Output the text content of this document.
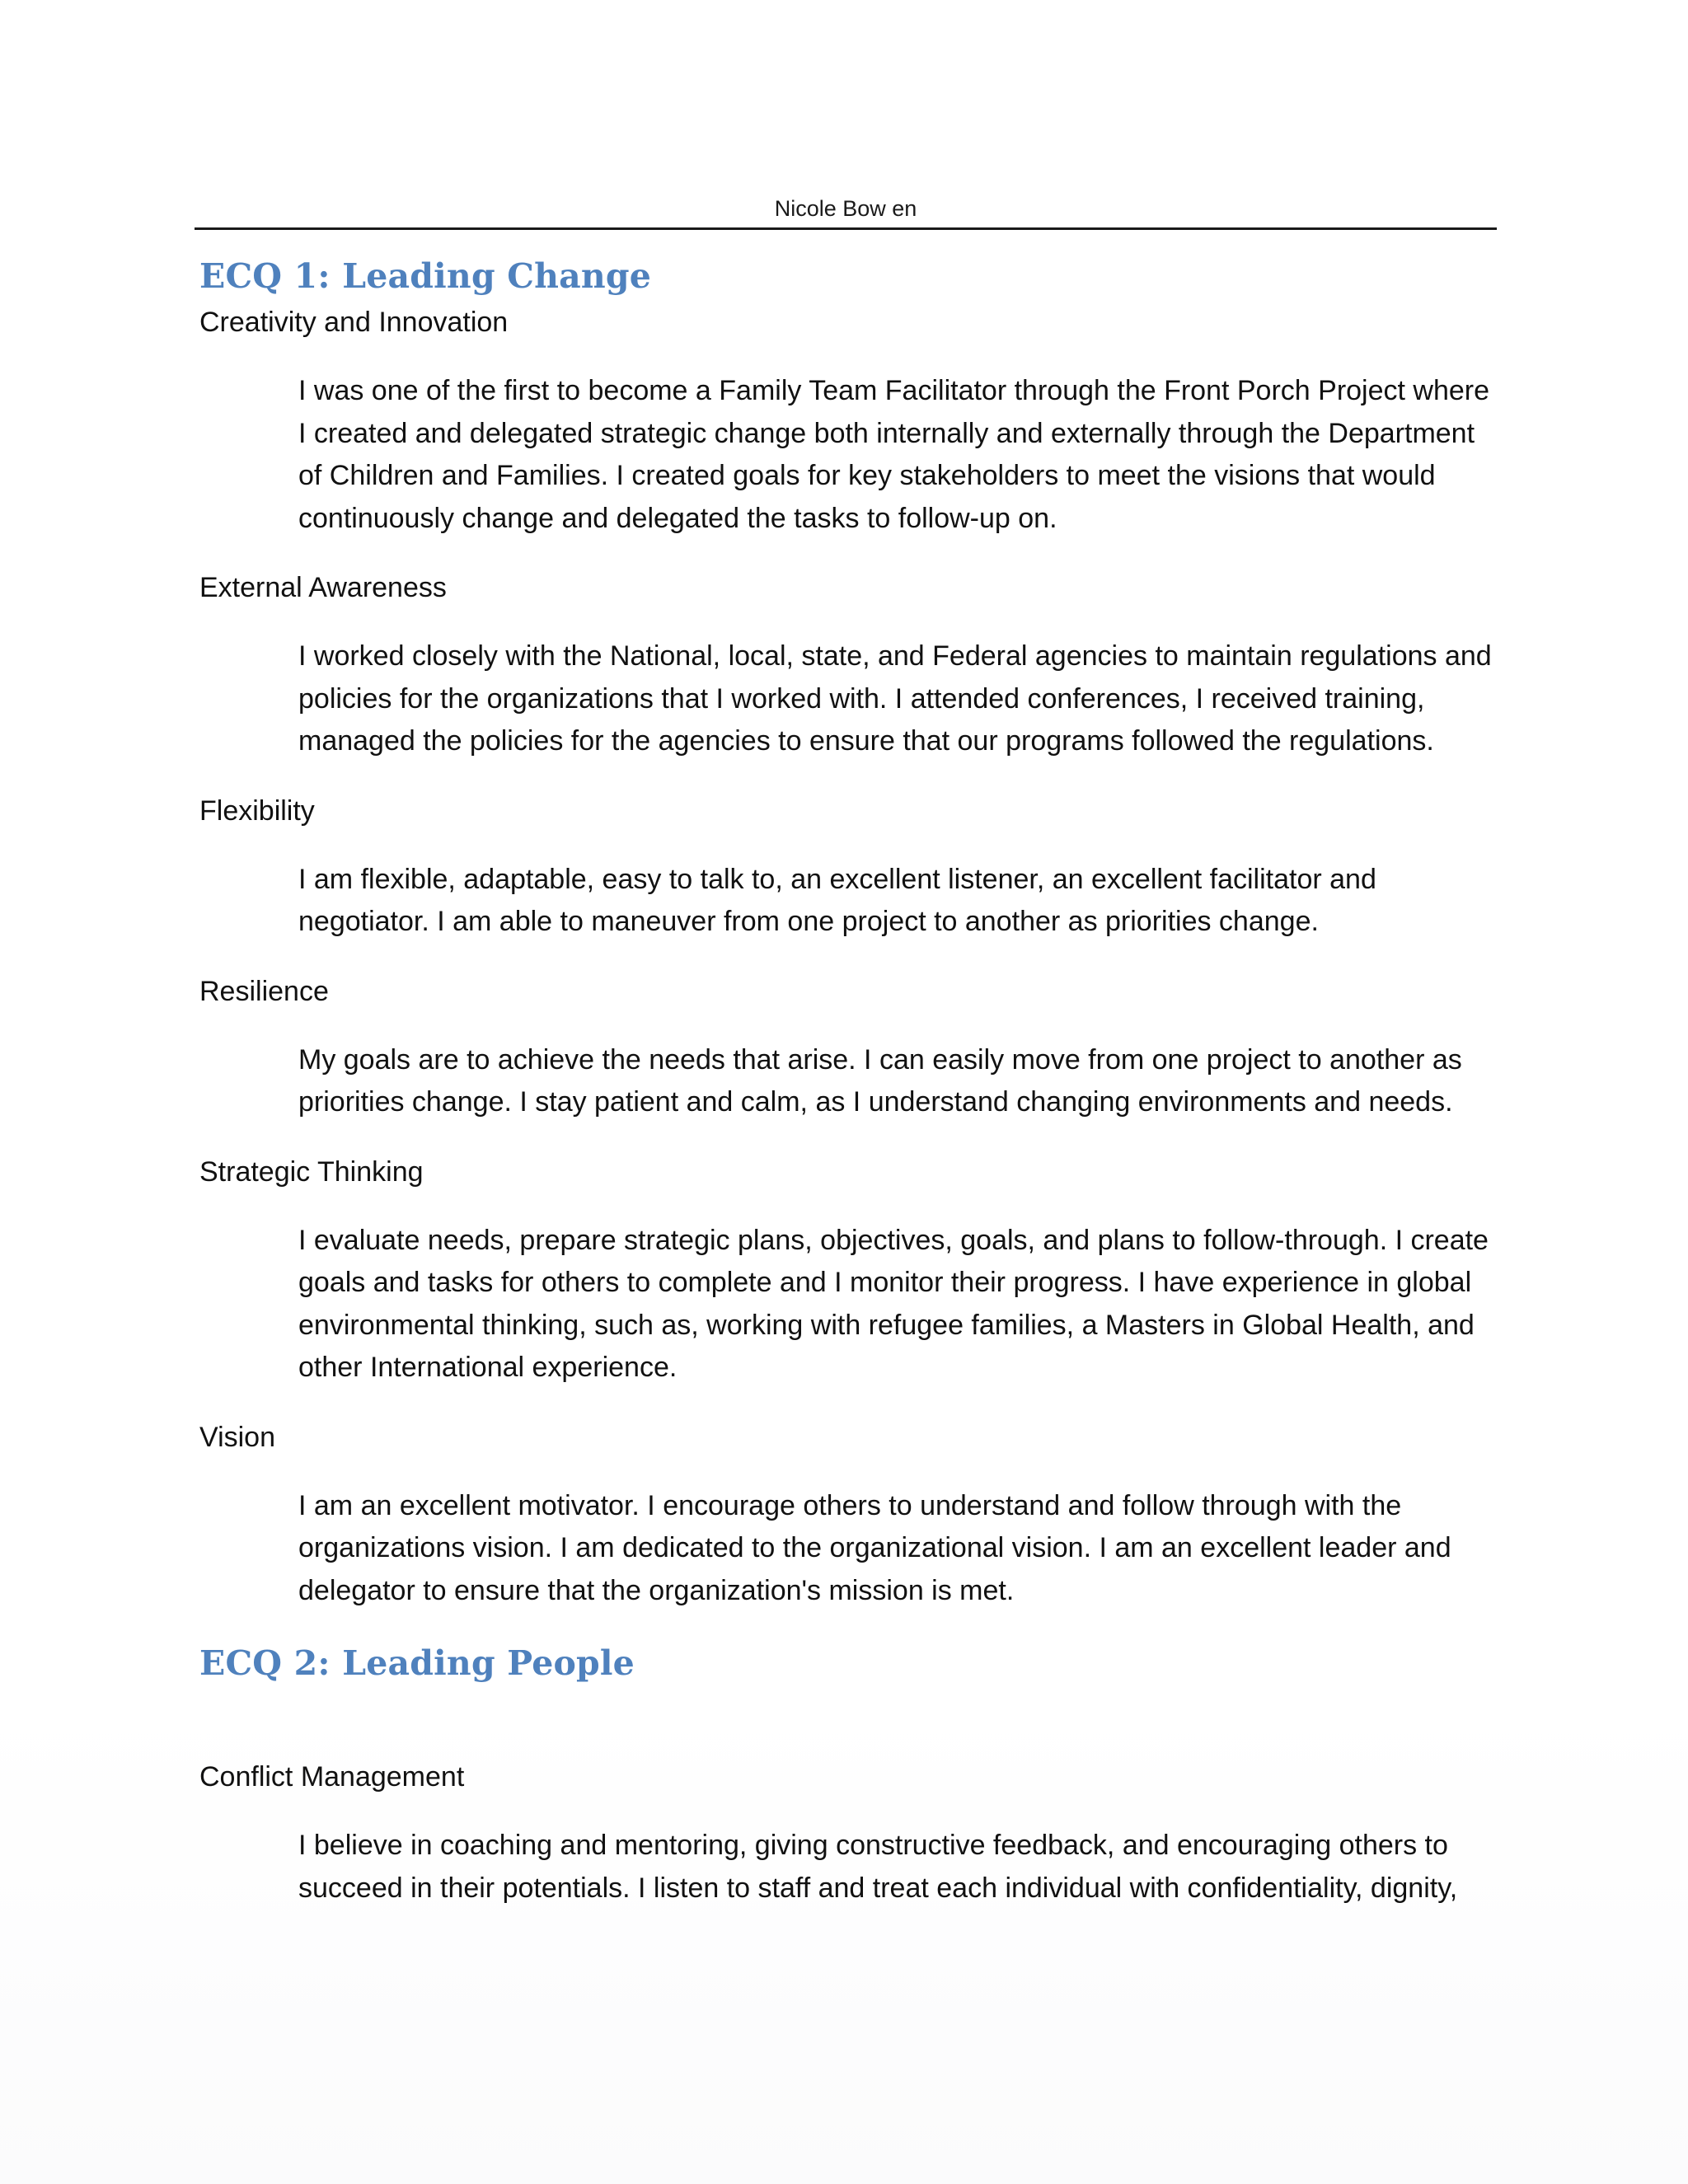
Nicole Bow en
ECQ 1: Leading Change

Creativity and Innovation

I was one of the first to become a Family Team Facilitator through the Front Porch Project where I created and delegated strategic change both internally and externally through the Department of Children and Families. I created goals for key stakeholders to meet the visions that would continuously change and delegated the tasks to follow-up on.

External Awareness

I worked closely with the National, local, state, and Federal agencies to maintain regulations and policies for the organizations that I worked with. I attended conferences, I received training, managed the policies for the agencies to ensure that our programs followed the regulations.

Flexibility

I am flexible, adaptable, easy to talk to, an excellent listener, an excellent facilitator and negotiator. I am able to maneuver from one project to another as priorities change.

Resilience

My goals are to achieve the needs that arise. I can easily move from one project to another as priorities change. I stay patient and calm, as I understand changing environments and needs.

Strategic Thinking

I evaluate needs, prepare strategic plans, objectives, goals, and plans to follow-through. I create goals and tasks for others to complete and I monitor their progress. I have experience in global environmental thinking, such as, working with refugee families, a Masters in Global Health, and other International experience.

Vision

I am an excellent motivator. I encourage others to understand and follow through with the organizations vision. I am dedicated to the organizational vision. I am an excellent leader and delegator to ensure that the organization's mission is met.

ECQ 2: Leading People

Conflict Management

I believe in coaching and mentoring, giving constructive feedback, and encouraging others to succeed in their potentials. I listen to staff and treat each individual with confidentiality, dignity,
